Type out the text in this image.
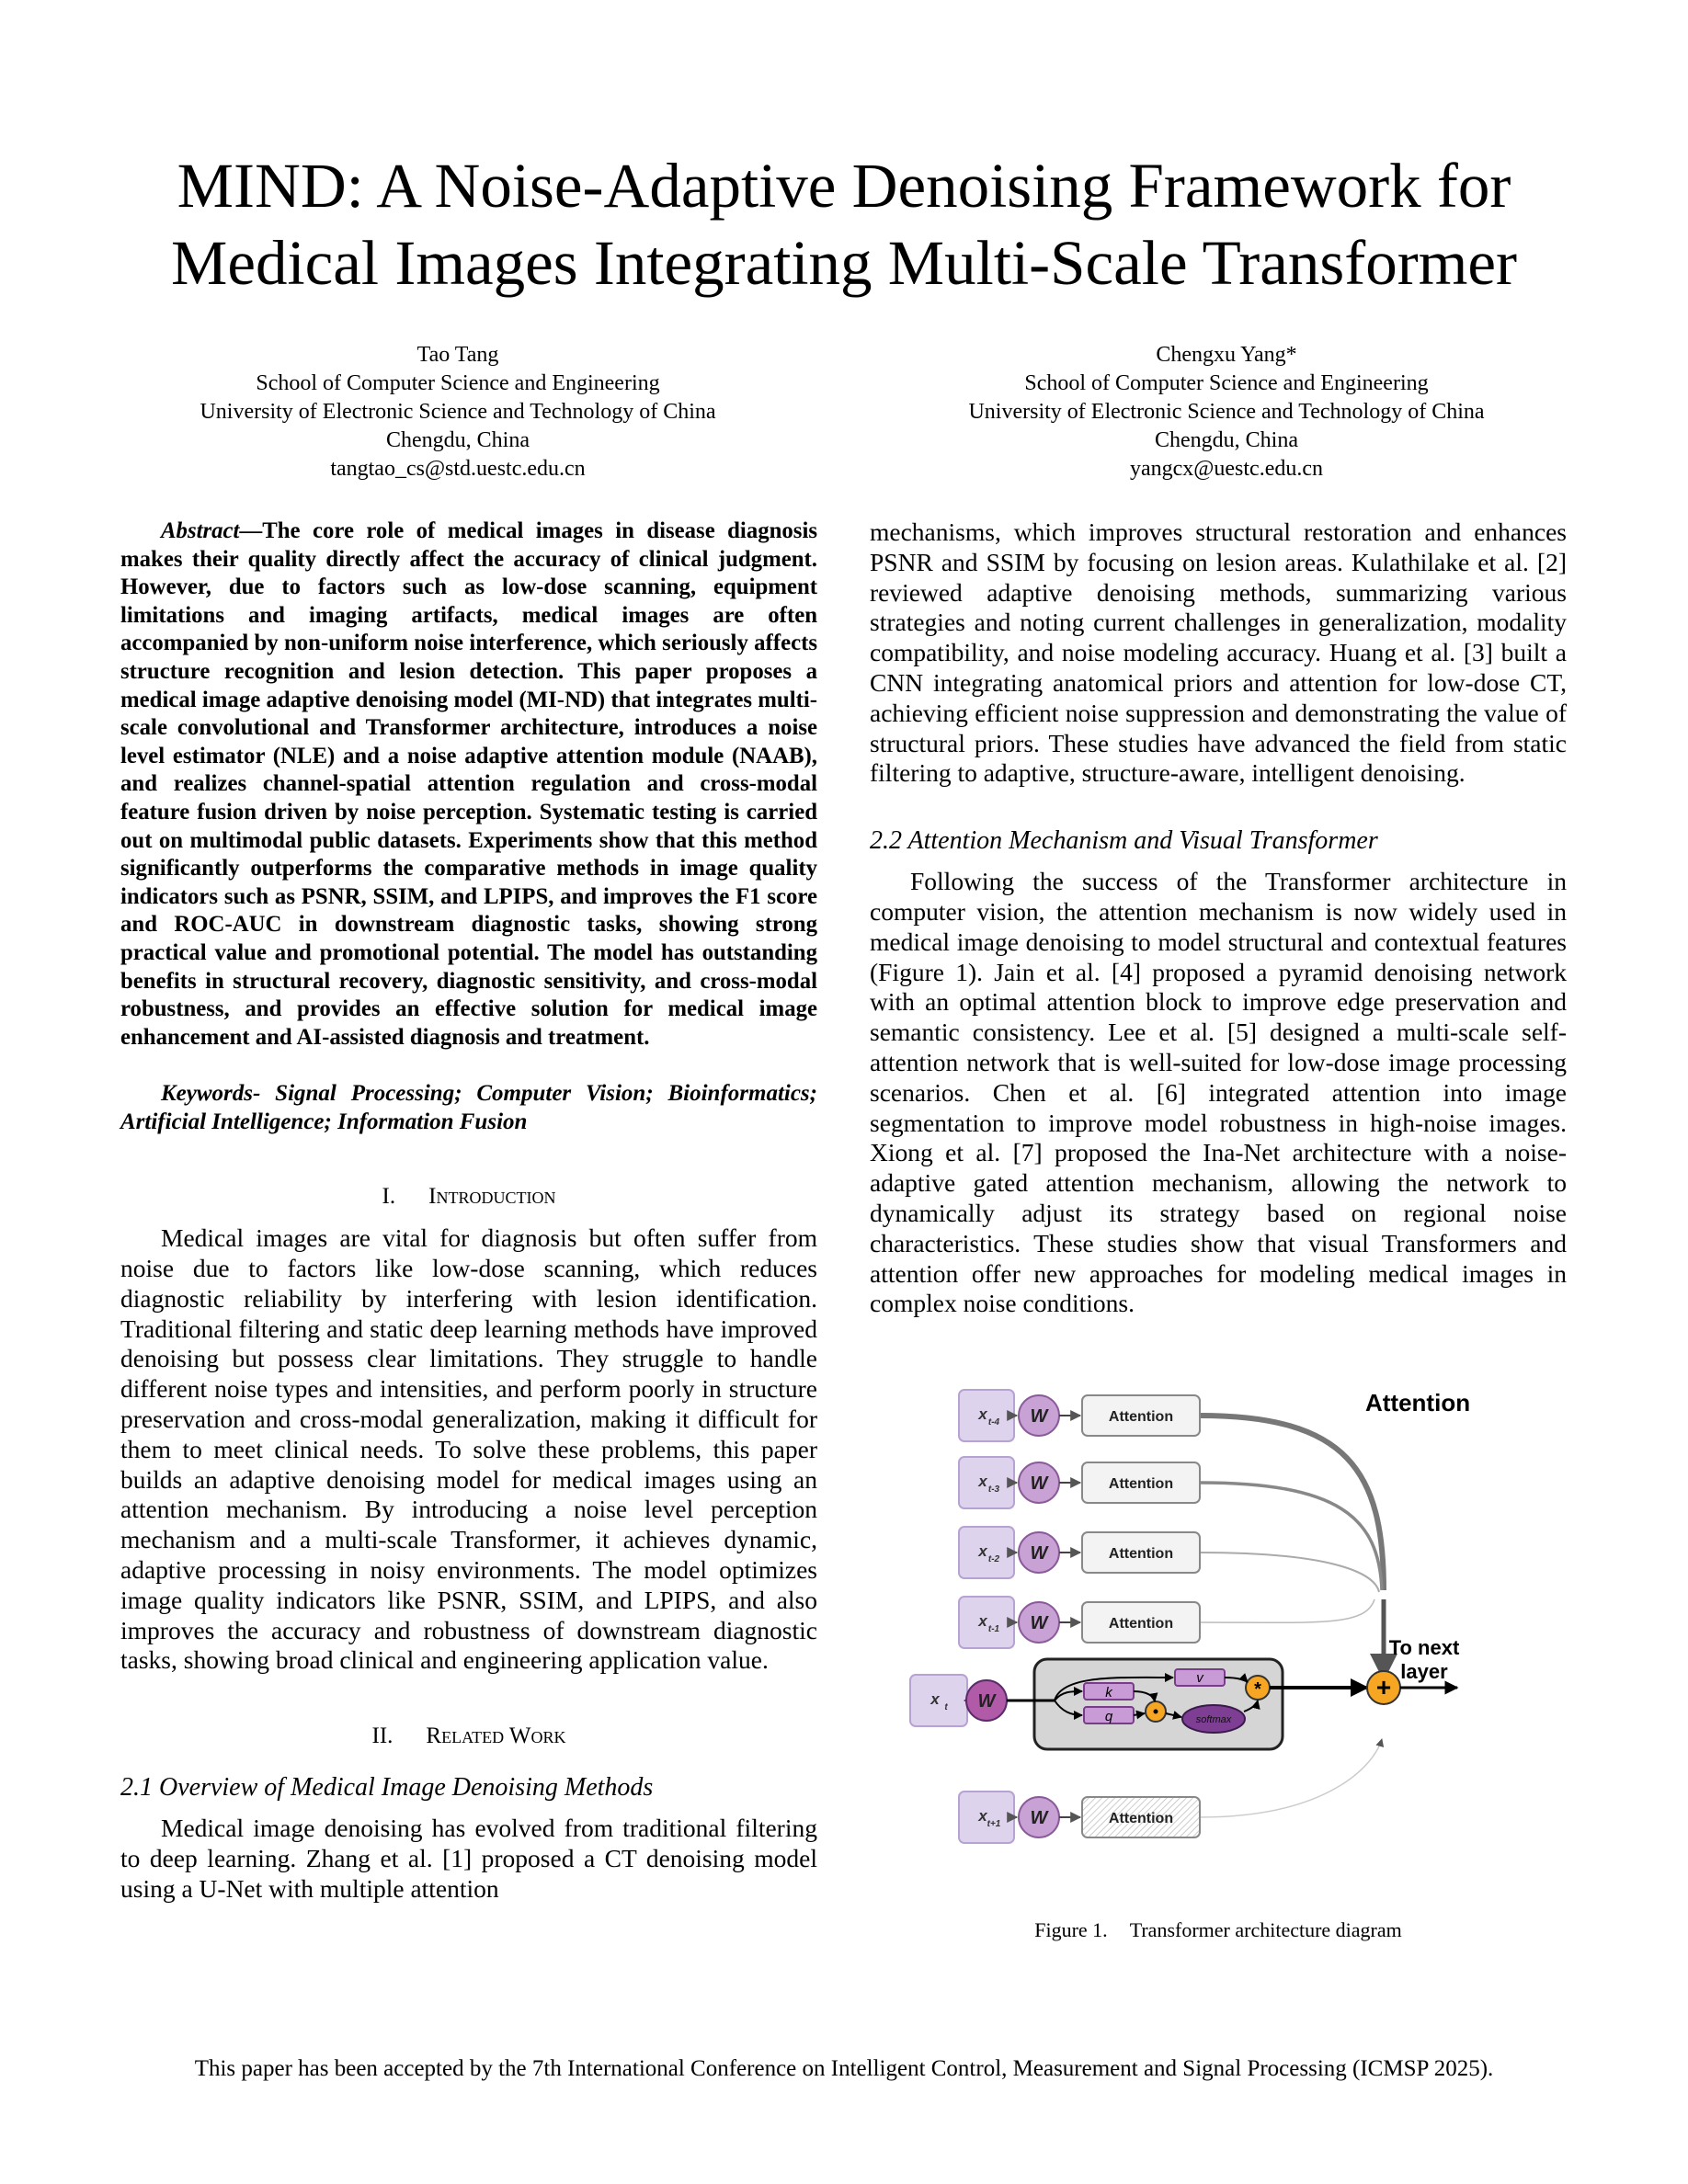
MIND: A Noise-Adaptive Denoising Framework for
Medical Images Integrating Multi-Scale Transformer
Tao Tang
School of Computer Science and Engineering
University of Electronic Science and Technology of China
Chengdu, China
tangtao_cs@std.uestc.edu.cn
Chengxu Yang*
School of Computer Science and Engineering
University of Electronic Science and Technology of China
Chengdu, China
yangcx@uestc.edu.cn

Abstract—The core role of medical images in disease diagnosis makes their quality directly affect the accuracy of clinical judgment. However, due to factors such as low-dose scanning, equipment limitations and imaging artifacts, medical images are often accompanied by non-uniform noise interference, which seriously affects structure recognition and lesion detection. This paper proposes a medical image adaptive denoising model (MI-ND) that integrates multi-scale convolutional and Transformer architecture, introduces a noise level estimator (NLE) and a noise adaptive attention module (NAAB), and realizes channel-spatial attention regulation and cross-modal feature fusion driven by noise perception. Systematic testing is carried out on multimodal public datasets. Experiments show that this method significantly outperforms the comparative methods in image quality indicators such as PSNR, SSIM, and LPIPS, and improves the F1 score and ROC-AUC in downstream diagnostic tasks, showing strong practical value and promotional potential. The model has outstanding benefits in structural recovery, diagnostic sensitivity, and cross-modal robustness, and provides an effective solution for medical image enhancement and AI-assisted diagnosis and treatment.

Keywords- Signal Processing; Computer Vision; Bioinformatics; Artificial Intelligence; Information Fusion

I. Introduction

Medical images are vital for diagnosis but often suffer from noise due to factors like low-dose scanning, which reduces diagnostic reliability by interfering with lesion identification. Traditional filtering and static deep learning methods have improved denoising but possess clear limitations. They struggle to handle different noise types and intensities, and perform poorly in structure preservation and cross-modal generalization, making it difficult for them to meet clinical needs. To solve these problems, this paper builds an adaptive denoising model for medical images using an attention mechanism. By introducing a noise level perception mechanism and a multi-scale Transformer, it achieves dynamic, adaptive processing in noisy environments. The model optimizes image quality indicators like PSNR, SSIM, and LPIPS, and also improves the accuracy and robustness of downstream diagnostic tasks, showing broad clinical and engineering application value.

II. Related Work
2.1 Overview of Medical Image Denoising Methods

Medical image denoising has evolved from traditional filtering to deep learning. Zhang et al. [1] proposed a CT denoising model using a U-Net with multiple attention

mechanisms, which improves structural restoration and enhances PSNR and SSIM by focusing on lesion areas. Kulathilake et al. [2] reviewed adaptive denoising methods, summarizing various strategies and noting current challenges in generalization, modality compatibility, and noise modeling accuracy. Huang et al. [3] built a CNN integrating anatomical priors and attention for low-dose CT, achieving efficient noise suppression and demonstrating the value of structural priors. These studies have advanced the field from static filtering to adaptive, structure-aware, intelligent denoising.

2.2 Attention Mechanism and Visual Transformer

Following the success of the Transformer architecture in computer vision, the attention mechanism is now widely used in medical image denoising to model structural and contextual features (Figure 1). Jain et al. [4] proposed a pyramid denoising network with an optimal attention block to improve edge preservation and semantic consistency. Lee et al. [5] designed a multi-scale self-attention network that is well-suited for low-dose image processing scenarios. Chen et al. [6] integrated attention into image segmentation to improve model robustness in high-noise images. Xiong et al. [7] proposed the Ina-Net architecture with a noise-adaptive gated attention mechanism, allowing the network to dynamically adjust its strategy based on regional noise characteristics. These studies show that visual Transformers and attention offer new approaches for modeling medical images in complex noise conditions.

Attention
x t-4 W	Attention
x t-3 W	Attention
x t-2 W	Attention
x t-1 W	Attention
x t W
x t+1 W	Attention
k
q
v
softmax
*	+
To next
layer
Figure 1. Transformer architecture diagram
This paper has been accepted by the 7th International Conference on Intelligent Control, Measurement and Signal Processing (ICMSP 2025).
